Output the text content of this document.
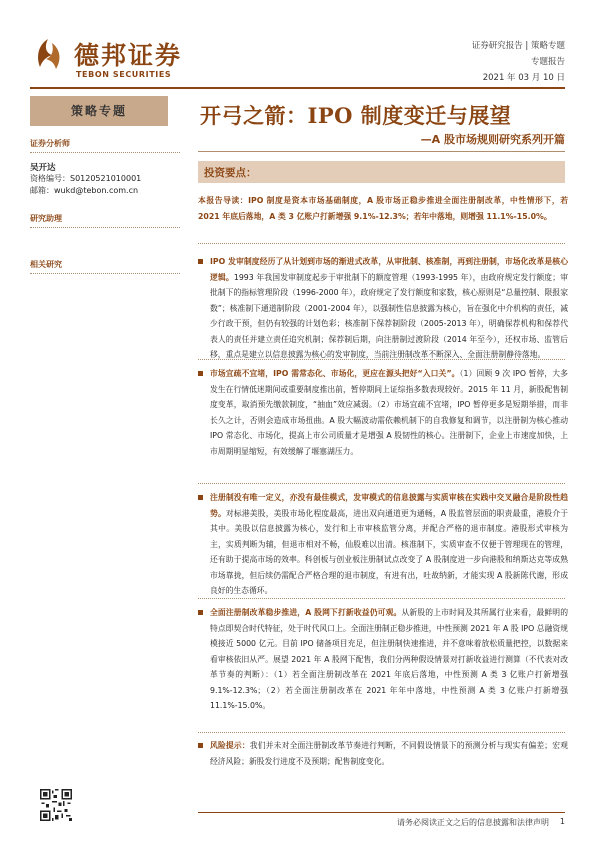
德邦证券
TEBON SECURITIES
证券研究报告 | 策略专题
专题报告
2021 年 03 月 10 日
策略专题
证券分析师
吴开达
资格编号：S0120521010001
邮箱：wukd@tebon.com.cn
研究助理
相关研究
开弓之箭：IPO 制度变迁与展望
—A 股市场规则研究系列开篇
投资要点：
本报告导读：IPO 制度是资本市场基础制度，A 股市场正稳步推进全面注册制改革，中性情形下，若 2021 年底后落地，A 类 3 亿账户打新增强 9.1%-12.3%；若年中落地，则增强 11.1%-15.0%。
IPO 发审制度经历了从计划到市场的渐进式改革，从审批制、核准制，再到注册制，市场化改革是核心逻辑。1993 年我国发审制度起步于审批制下的额度管理（1993-1995 年），由政府规定发行额度；审批制下的指标管理阶段（1996-2000 年），政府规定了发行额度和家数，核心原则是“总量控制、限报家数”；核准制下通道制阶段（2001-2004 年），以强制性信息披露为核心，旨在强化中介机构的责任，减少行政干预，但仍有较强的计划色彩；核准制下保荐制阶段（2005-2013 年），明确保荐机构和保荐代表人的责任并建立责任追究机制；保荐制后期，向注册制过渡阶段（2014 年至今），还权市场、监管后移，重点是建立以信息披露为核心的发审制度，当前注册制改革不断深入、全面注册制静待落地。
市场宜疏不宜堵，IPO 需常态化、市场化，更应在源头把好“入口关”。（1）回顾 9 次 IPO 暂停，大多发生在行情低迷期间或重要制度推出前，暂停期间上证综指多数表现较好。2015 年 11 月，新股配售制度变革，取消预先缴款制度，“抽血”效应减弱。（2）市场宜疏不宜堵，IPO 暂停更多是短期举措，而非长久之计，否则会造成市场扭曲。A 股大幅波动需依赖机制下的自我修复和调节，以注册制为核心推动 IPO 常态化、市场化，提高上市公司质量才是增强 A 股韧性的核心。注册制下，企业上市速度加快，上市周期明显缩短，有效缓解了堰塞湖压力。
注册制没有唯一定义，亦没有最佳模式，发审模式的信息披露与实质审核在实践中交叉融合是阶段性趋势。对标港美股，美股市场化程度最高，进出双向通道更为通畅，A 股监管层面的职责最重，港股介于其中。美股以信息披露为核心，发行和上市审核监管分离，并配合严格的退市制度。港股形式审核为主，实质判断为辅，但退市相对不畅，仙股难以出清。核准制下，实质审查不仅便于管理现在的管理，还有助于提高市场的效率。科创板与创业板注册制试点改变了 A 股制度进一步向港股和纳斯达克等成熟市场靠拢，但后续仍需配合严格合理的退市制度，有进有出，吐故纳新，才能实现 A 股新陈代谢，形成良好的生态循环。
全面注册制改革稳步推进，A 股网下打新收益仍可观。从新股的上市时间及其所属行业来看，最鲜明的特点即契合时代特征，处于时代风口上。全面注册制正稳步推进，中性预测 2021 年 A 股 IPO 总融资规模接近 5000 亿元。目前 IPO 储备项目充足，但注册制快速推进，并不意味着放松质量把控，以数据来看审核依旧从严。展望 2021 年 A 股网下配售，我们分两种假设情景对打新收益进行测算（不代表对改革节奏的判断）：（1）若全面注册制改革在 2021 年底后落地，中性预测 A 类 3 亿账户打新增强 9.1%-12.3%；（2）若全面注册制改革在 2021 年年中落地，中性预测 A 类 3 亿账户打新增强 11.1%-15.0%。
风险提示：我们并未对全面注册制改革节奏进行判断，不同假设情景下的预测分析与现实有偏差；宏观经济风险；新股发行进度不及预期；配售制度变化。
请务必阅读正文之后的信息披露和法律声明 1
